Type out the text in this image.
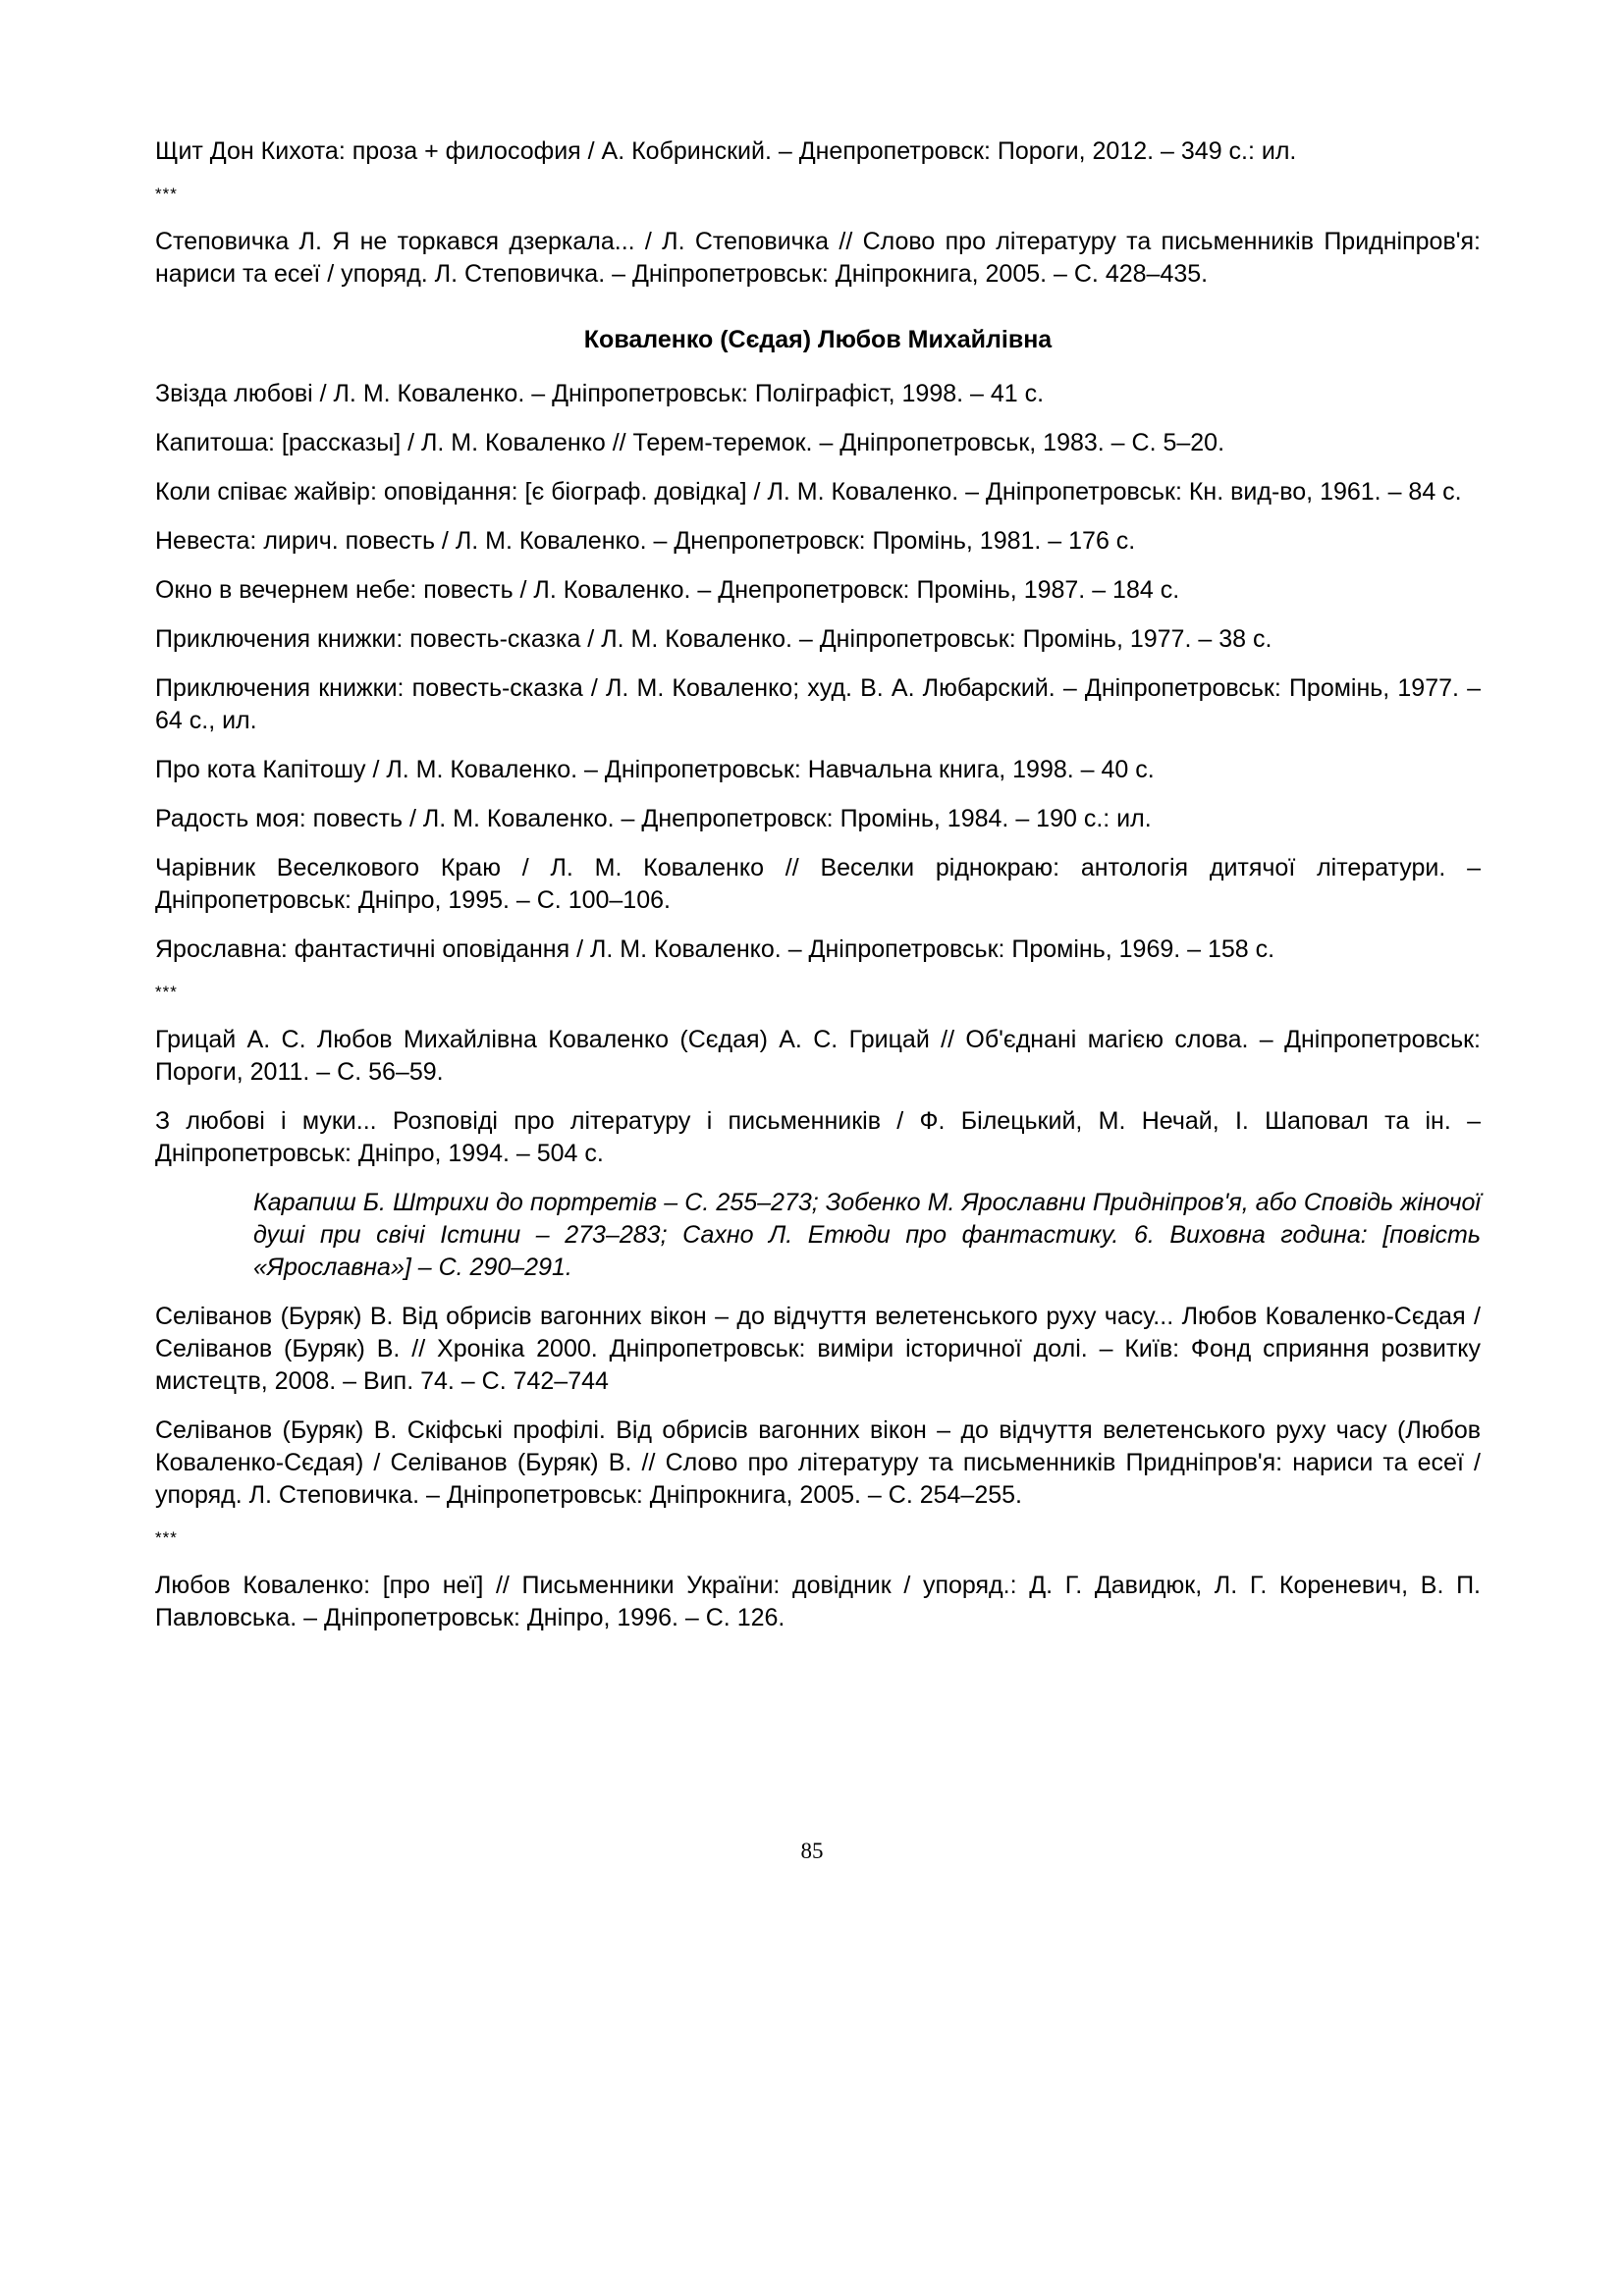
Щит Дон Кихота: проза + философия / А. Кобринский. – Днепропетровск: Пороги, 2012. – 349 с.: ил.

***

Степовичка Л. Я не торкався дзеркала... / Л. Степовичка // Слово про літературу та письменників Придніпров'я: нариси та есеї / упоряд. Л. Степовичка. – Дніпропетровськ: Дніпрокнига, 2005. – С. 428–435.

Коваленко (Сєдая) Любов Михайлівна

Звізда любові / Л. М. Коваленко. – Дніпропетровськ: Поліграфіст, 1998. – 41 с.

Капитоша: [рассказы] / Л. М. Коваленко // Терем-теремок. – Дніпропетровськ, 1983. – С. 5–20.

Коли співає жайвір: оповідання: [є біограф. довідка] / Л. М. Коваленко. – Дніпропетровськ: Кн. вид-во, 1961. – 84 с.

Невеста: лирич. повесть / Л. М. Коваленко. – Днепропетровск: Промінь, 1981. – 176 с.

Окно в вечернем небе: повесть / Л. Коваленко. – Днепропетровск: Промінь, 1987. – 184 с.

Приключения книжки: повесть-сказка / Л. М. Коваленко. – Дніпропетровськ: Промінь, 1977. – 38 с.

Приключения книжки: повесть-сказка / Л. М. Коваленко; худ. В. А. Любарский. – Дніпропетровськ: Промінь, 1977. – 64 с., ил.

Про кота Капітошу / Л. М. Коваленко. – Дніпропетровськ: Навчальна книга, 1998. – 40 с.

Радость моя: повесть / Л. М. Коваленко. – Днепропетровск: Промінь, 1984. – 190 с.: ил.

Чарівник Веселкового Краю / Л. М. Коваленко // Веселки ріднокраю: антологія дитячої літератури. – Дніпропетровськ: Дніпро, 1995. – С. 100–106.

Ярославна: фантастичні оповідання / Л. М. Коваленко. – Дніпропетровськ: Промінь, 1969. – 158 с.

***

Грицай А. С. Любов Михайлівна Коваленко (Сєдая) А. С. Грицай // Об'єднані магією слова. – Дніпропетровськ: Пороги, 2011. – С. 56–59.

З любові і муки... Розповіді про літературу і письменників / Ф. Білецький, М. Нечай, І. Шаповал та ін. – Дніпропетровськ: Дніпро, 1994. – 504 с.

Карапиш Б. Штрихи до портретів – С. 255–273; Зобенко М. Ярославни Придніпров'я, або Сповідь жіночої душі при свічі Істини – 273–283; Сахно Л. Етюди про фантастику. 6. Виховна година: [повість «Ярославна»] – С. 290–291.

Селіванов (Буряк) В. Від обрисів вагонних вікон – до відчуття велетенського руху часу... Любов Коваленко-Сєдая / Селіванов (Буряк) В. // Хроніка 2000. Дніпропетровськ: виміри історичної долі. – Київ: Фонд сприяння розвитку мистецтв, 2008. – Вип. 74. – С. 742–744

Селіванов (Буряк) В. Скіфські профілі. Від обрисів вагонних вікон – до відчуття велетенського руху часу (Любов Коваленко-Сєдая) / Селіванов (Буряк) В. // Слово про літературу та письменників Придніпров'я: нариси та есеї / упоряд. Л. Степовичка. – Дніпропетровськ: Дніпрокнига, 2005. – С. 254–255.

***

Любов Коваленко: [про неї] // Письменники України: довідник / упоряд.: Д. Г. Давидюк, Л. Г. Кореневич, В. П. Павловська. – Дніпропетровськ: Дніпро, 1996. – С. 126.

85
